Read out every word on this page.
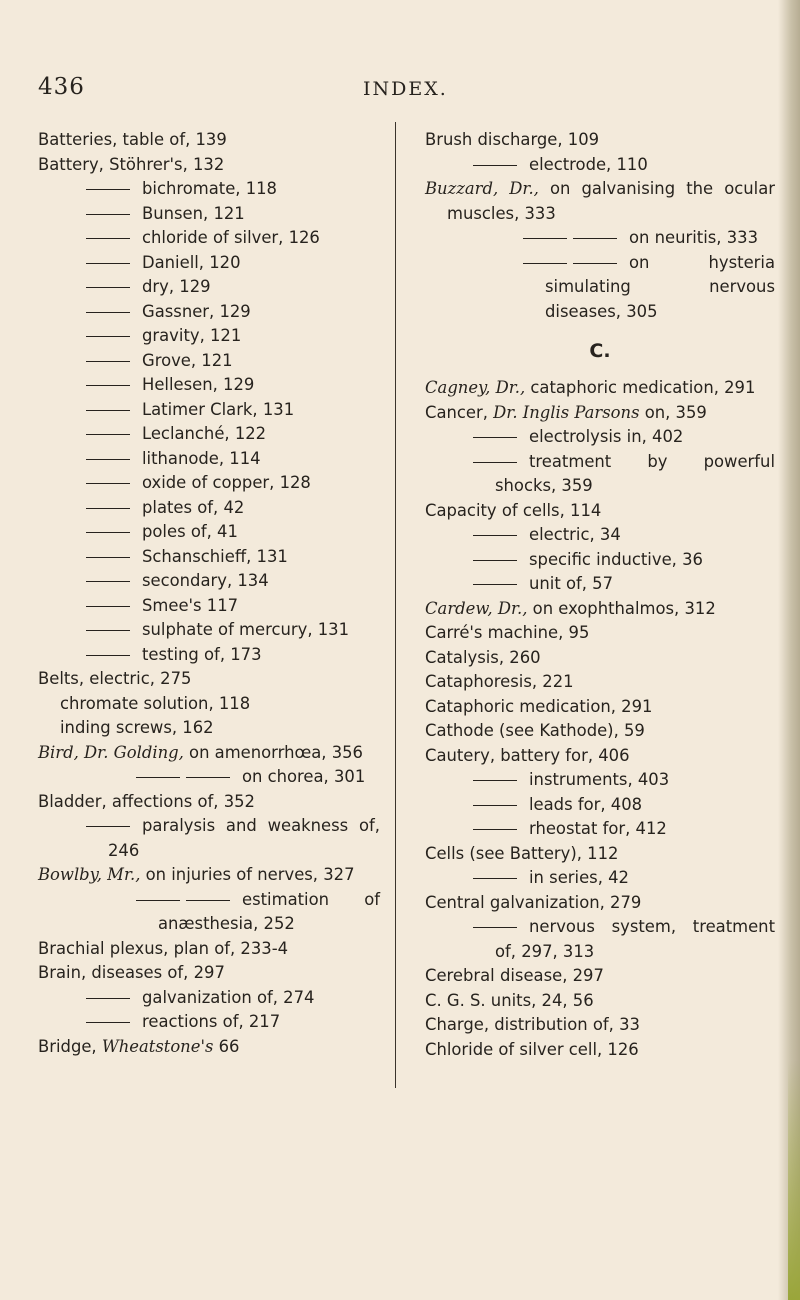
436	INDEX.

Batteries, table of, 139

Battery, Stöhrer's, 132

bichromate, 118

Bunsen, 121

chloride of silver, 126

Daniell, 120

dry, 129

Gassner, 129

gravity, 121

Grove, 121

Hellesen, 129

Latimer Clark, 131

Leclanché, 122

lithanode, 114

oxide of copper, 128

plates of, 42

poles of, 41

Schanschieff, 131

secondary, 134

Smee's 117

sulphate of mercury, 131

testing of, 173

Belts, electric, 275

chromate solution, 118

inding screws, 162

Bird, Dr. Golding, on amenorrhœa, 356

on chorea, 301

Bladder, affections of, 352

paralysis and weakness of, 246

Bowlby, Mr., on injuries of nerves, 327

estimation of anæsthesia, 252

Brachial plexus, plan of, 233-4

Brain, diseases of, 297

galvanization of, 274

reactions of, 217

Bridge, Wheatstone's 66

Brush discharge, 109

electrode, 110

Buzzard, Dr., on galvanising the ocular muscles, 333

on neuritis, 333

on hysteria simulating nervous diseases, 305

C.

Cagney, Dr., cataphoric medication, 291

Cancer, Dr. Inglis Parsons on, 359

electrolysis in, 402

treatment by powerful shocks, 359

Capacity of cells, 114

electric, 34

specific inductive, 36

unit of, 57

Cardew, Dr., on exophthalmos, 312

Carré's machine, 95

Catalysis, 260

Cataphoresis, 221

Cataphoric medication, 291

Cathode (see Kathode), 59

Cautery, battery for, 406

instruments, 403

leads for, 408

rheostat for, 412

Cells (see Battery), 112

in series, 42

Central galvanization, 279

nervous system, treatment of, 297, 313

Cerebral disease, 297

C. G. S. units, 24, 56

Charge, distribution of, 33

Chloride of silver cell, 126
